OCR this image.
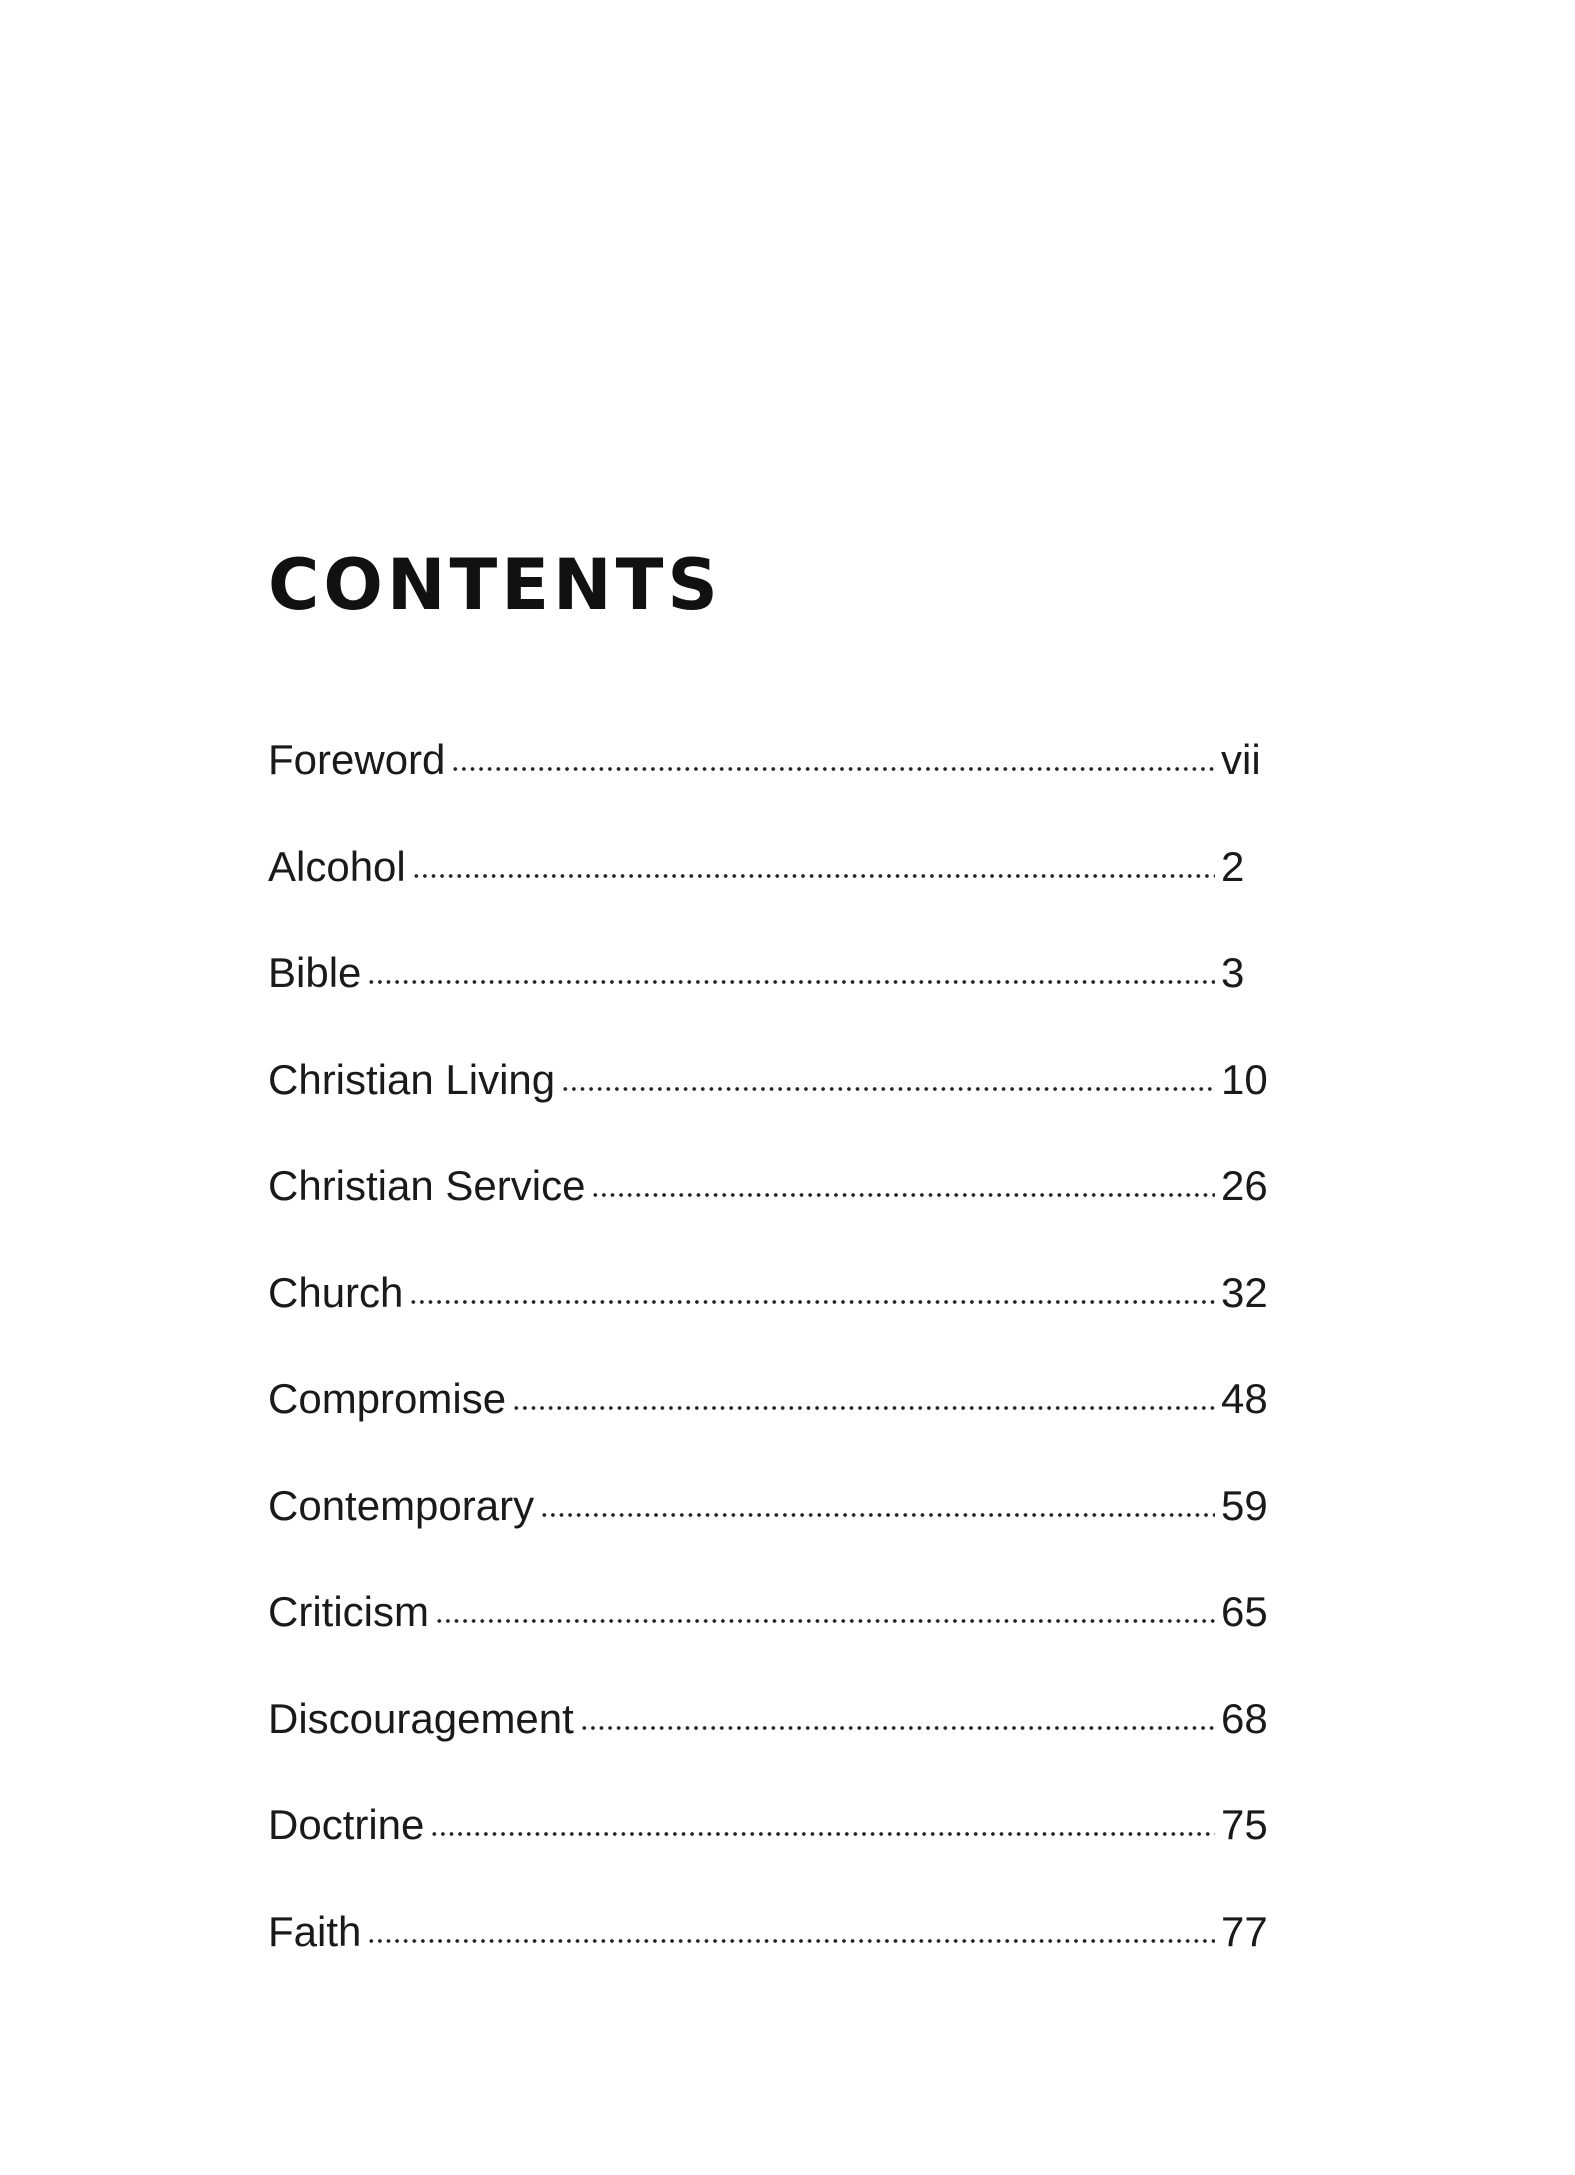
CONTENTS
Foreword	vii
Alcohol	2
Bible	3
Christian Living	10
Christian Service	26
Church	32
Compromise	48
Contemporary	59
Criticism	65
Discouragement	68
Doctrine	75
Faith	77
